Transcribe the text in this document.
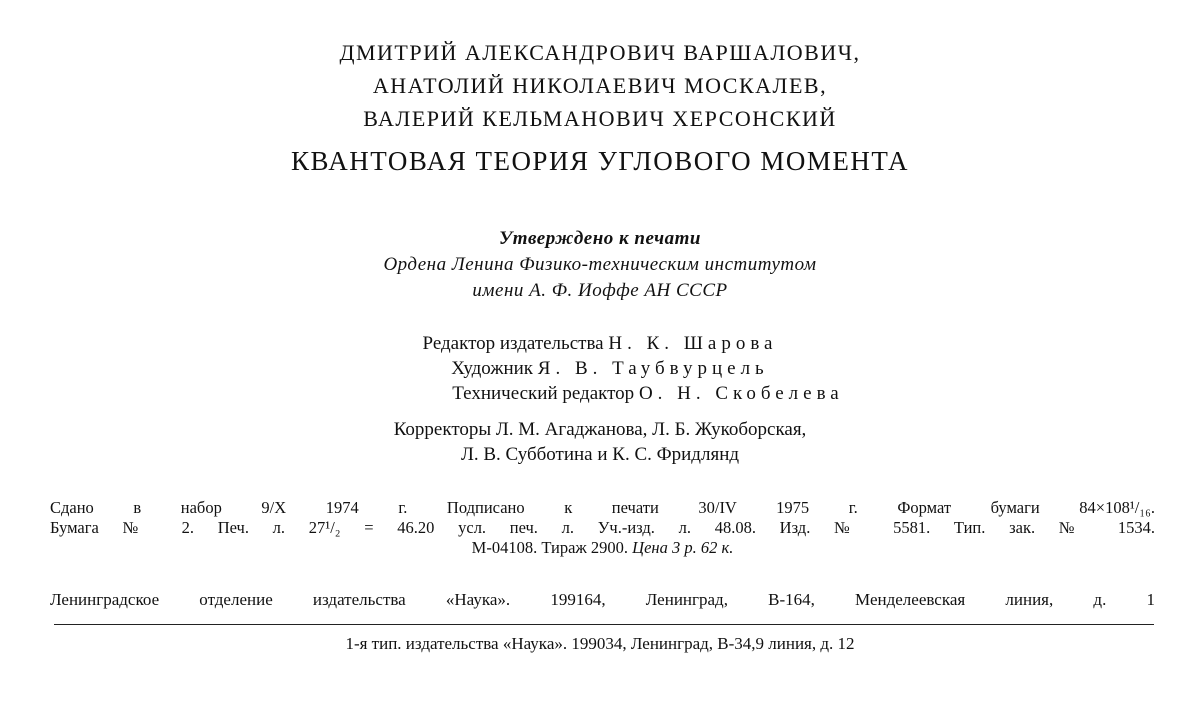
ДМИТРИЙ АЛЕКСАНДРОВИЧ ВАРШАЛОВИЧ,
АНАТОЛИЙ НИКОЛАЕВИЧ МОСКАЛЕВ,
ВАЛЕРИЙ КЕЛЬМАНОВИЧ ХЕРСОНСКИЙ
КВАНТОВАЯ ТЕОРИЯ УГЛОВОГО МОМЕНТА
Утверждено к печати
Ордена Ленина Физико-техническим институтом
имени А. Ф. Иоффе АН СССР
Редактор издательства Н. К. Шарова
Художник Я. В. Таубвурцель
Технический редактор О. Н. Скобелева
Корректоры Л. М. Агаджанова, Л. Б. Жукоборская,
Л. В. Субботина и К. С. Фридлянд
Сдано в набор 9/X 1974 г. Подписано к печати 30/IV 1975 г. Формат бумаги 84×108¹/₁₆.
Бумага № 2. Печ. л. 27¹/₂ = 46.20 усл. печ. л. Уч.-изд. л. 48.08. Изд. № 5581. Тип. зак. № 1534.
М-04108. Тираж 2900. Цена 3 р. 62 к.
Ленинградское отделение издательства «Наука». 199164, Ленинград, В-164, Менделеевская линия, д. 1
1-я тип. издательства «Наука». 199034, Ленинград, В-34,9 линия, д. 12
